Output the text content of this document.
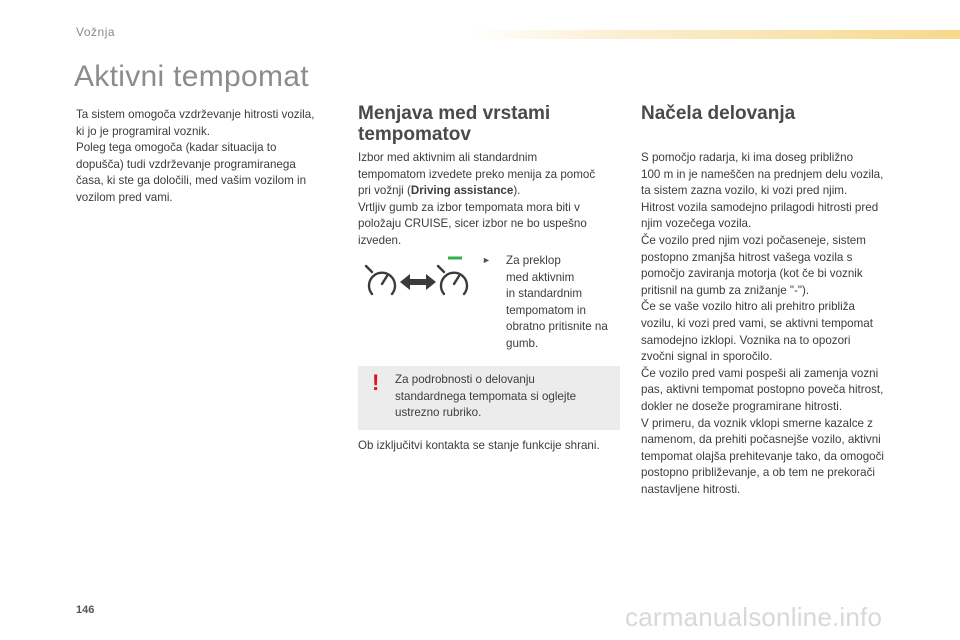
Vožnja
Aktivni tempomat
Ta sistem omogoča vzdrževanje hitrosti vozila,
ki jo je programiral voznik.
Poleg tega omogoča (kadar situacija to
dopušča) tudi vzdrževanje programiranega
časa, ki ste ga določili, med vašim vozilom in
vozilom pred vami.
Menjava med vrstami
tempomatov
Izbor med aktivnim ali standardnim
tempomatom izvedete preko menija za pomoč
pri vožnji (Driving assistance).
Vrtljiv gumb za izbor tempomata mora biti v
položaju CRUISE, sicer izbor ne bo uspešno
izveden.
►	Za preklop
med aktivnim
in standardnim
tempomatom in
obratno pritisnite na
gumb.
! Za podrobnosti o delovanju
standardnega tempomata si oglejte
ustrezno rubriko.
Ob izključitvi kontakta se stanje funkcije shrani.
Načela delovanja
S pomočjo radarja, ki ima doseg približno
100 m in je nameščen na prednjem delu vozila,
ta sistem zazna vozilo, ki vozi pred njim.
Hitrost vozila samodejno prilagodi hitrosti pred
njim vozečega vozila.
Če vozilo pred njim vozi počaseneje, sistem
postopno zmanjša hitrost vašega vozila s
pomočjo zaviranja motorja (kot če bi voznik
pritisnil na gumb za znižanje "-").
Če se vaše vozilo hitro ali prehitro približa
vozilu, ki vozi pred vami, se aktivni tempomat
samodejno izklopi. Voznika na to opozori
zvočni signal in sporočilo.
Če vozilo pred vami pospeši ali zamenja vozni
pas, aktivni tempomat postopno poveča hitrost,
dokler ne doseže programirane hitrosti.
V primeru, da voznik vklopi smerne kazalce z
namenom, da prehiti počasnejše vozilo, aktivni
tempomat olajša prehitevanje tako, da omogoči
postopno približevanje, a ob tem ne prekorači
nastavljene hitrosti.
146	carmanualsonline.info
